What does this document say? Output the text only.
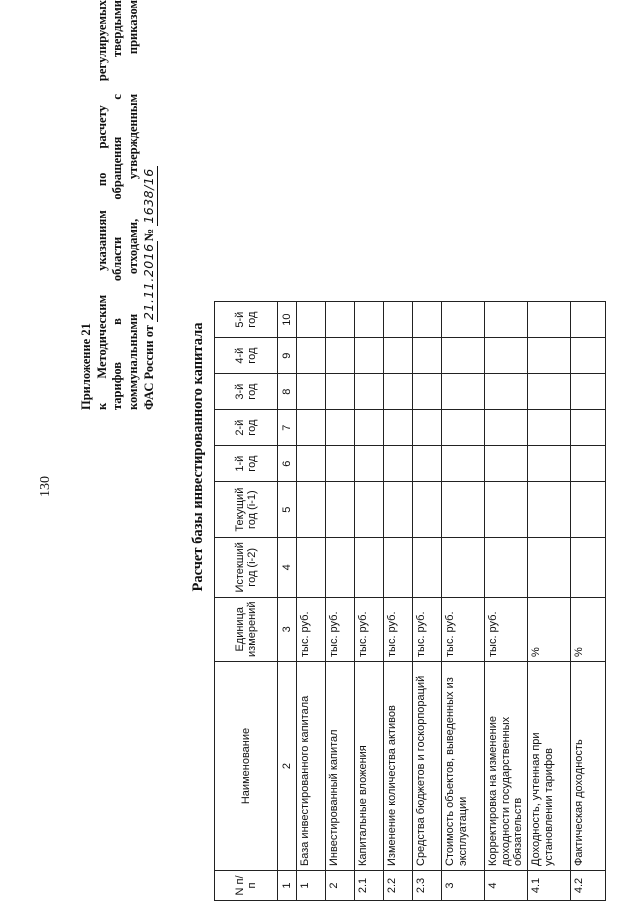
130
Приложение 21 к Методическим указаниям по расчету регулируемых тарифов в области обращения с твердыми коммунальными отходами, утвержденным приказом ФАС России от 21.11.2016№ 1638/16
Расчет базы инвестированного капитала
N п/п	Наименование	Единица измерений	Истекший год (i-2)	Текущий год (i-1)	1-й год	2-й год	3-й год	4-й год	5-й год
1	2	3	4	5	6	7	8	9	10
1	База инвестированного капитала	тыс. руб.							
2	Инвестированный капитал	тыс. руб.							
2.1	Капитальные вложения	тыс. руб.							
2.2	Изменение количества активов	тыс. руб.							
2.3	Средства бюджетов и госкорпораций	тыс. руб.							
3	Стоимость объектов, выведенных из эксплуатации	тыс. руб.							
4	Корректировка на изменение доходности государственных обязательств	тыс. руб.							
4.1	Доходность, учтенная при установлении тарифов	%							
4.2	Фактическая доходность	%							
